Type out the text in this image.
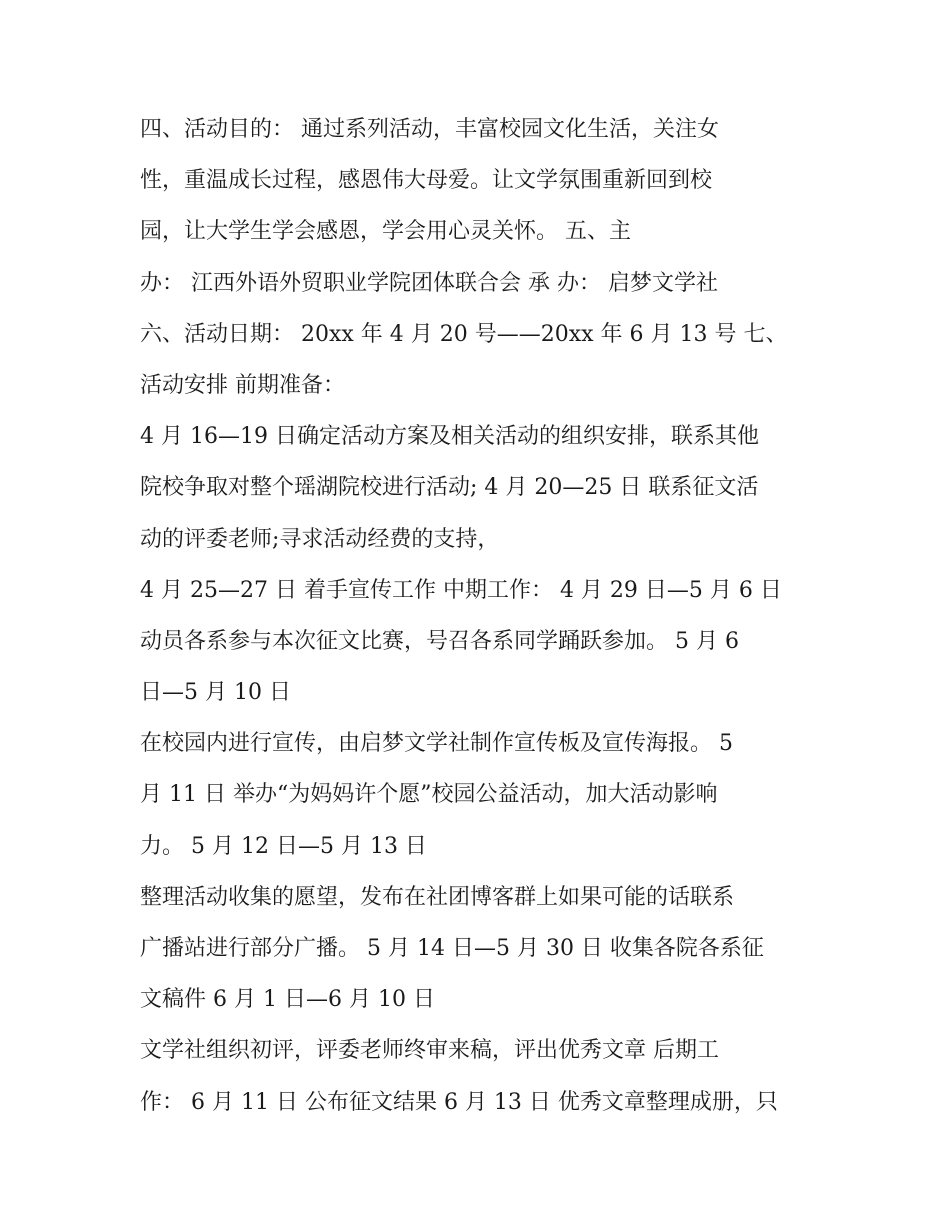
四、活动目的： 通过系列活动，丰富校园文化生活，关注女
性，重温成长过程，感恩伟大母爱。让文学氛围重新回到校
园，让大学生学会感恩，学会用心灵关怀。 五、主
办： 江西外语外贸职业学院团体联合会 承 办： 启梦文学社
六、活动日期： 20xx 年 4 月 20 号——20xx 年 6 月 13 号 七、
活动安排 前期准备：
4 月 16—19 日确定活动方案及相关活动的组织安排，联系其他
院校争取对整个瑶湖院校进行活动; 4 月 20—25 日 联系征文活
动的评委老师;寻求活动经费的支持，
4 月 25—27 日 着手宣传工作 中期工作： 4 月 29 日—5 月 6 日
动员各系参与本次征文比赛，号召各系同学踊跃参加。 5 月 6
日—5 月 10 日
在校园内进行宣传，由启梦文学社制作宣传板及宣传海报。 5
月 11 日 举办“为妈妈许个愿”校园公益活动，加大活动影响
力。 5 月 12 日—5 月 13 日
整理活动收集的愿望，发布在社团博客群上如果可能的话联系
广播站进行部分广播。 5 月 14 日—5 月 30 日 收集各院各系征
文稿件 6 月 1 日—6 月 10 日
文学社组织初评，评委老师终审来稿，评出优秀文章 后期工
作： 6 月 11 日 公布征文结果 6 月 13 日 优秀文章整理成册，只
